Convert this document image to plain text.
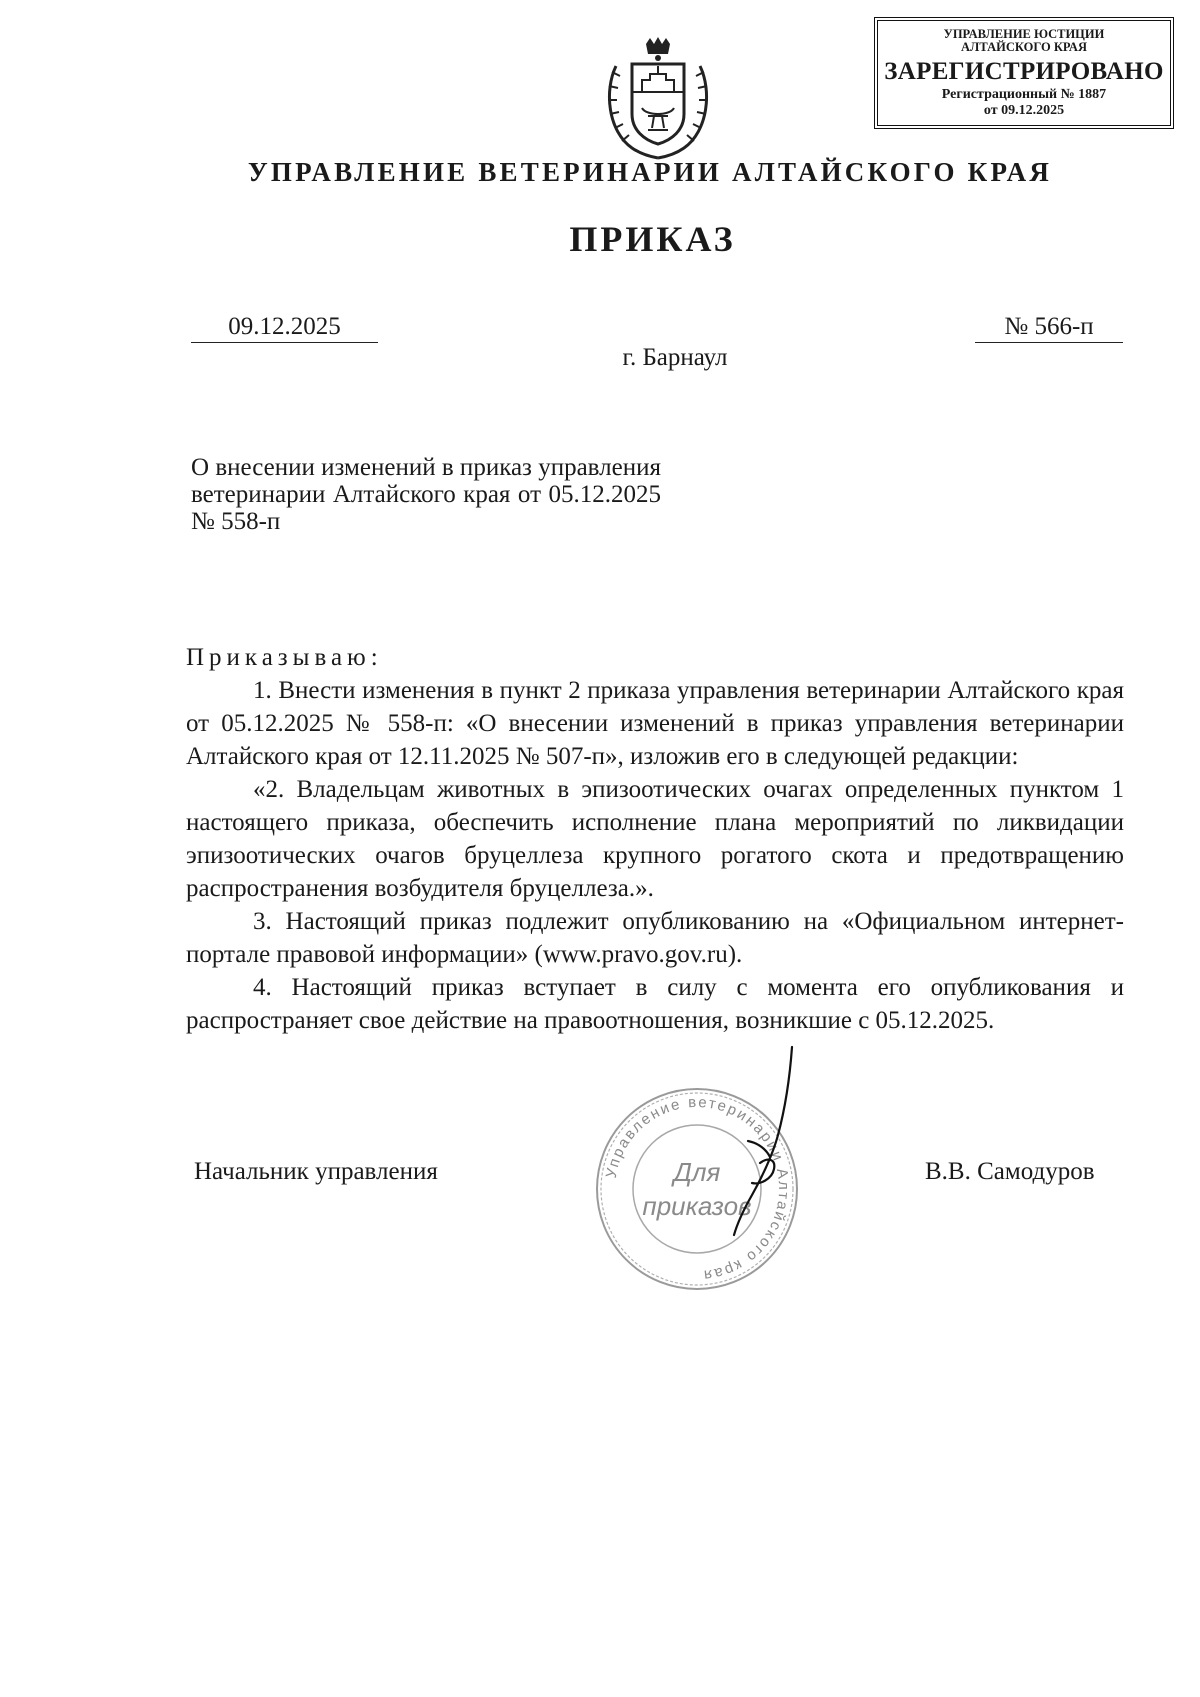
УПРАВЛЕНИЕ ЮСТИЦИИ
АЛТАЙСКОГО КРАЯ
ЗАРЕГИСТРИРОВАНО
Регистрационный № 1887
от 09.12.2025
УПРАВЛЕНИЕ ВЕТЕРИНАРИИ АЛТАЙСКОГО КРАЯ
ПРИКАЗ
09.12.2025	№ 566-п
г. Барнаул
О внесении изменений в приказ управления ветеринарии Алтайского края от 05.12.2025 № 558-п

Приказываю:

1. Внести изменения в пункт 2 приказа управления ветеринарии Алтайского края от 05.12.2025 № 558-п: «О внесении изменений в приказ управления ветеринарии Алтайского края от 12.11.2025 № 507-п», изложив его в следующей редакции:

«2. Владельцам животных в эпизоотических очагах определенных пунктом 1 настоящего приказа, обеспечить исполнение плана мероприятий по ликвидации эпизоотических очагов бруцеллеза крупного рогатого скота и предотвращению распространения возбудителя бруцеллеза.».

3. Настоящий приказ подлежит опубликованию на «Официальном интернет-портале правовой информации» (www.pravo.gov.ru).

4. Настоящий приказ вступает в силу с момента его опубликования и распространяет свое действие на правоотношения, возникшие с 05.12.2025.

Начальник управления	В.В. Самодуров
Управление ветеринарии Алтайского края
Для
приказов
